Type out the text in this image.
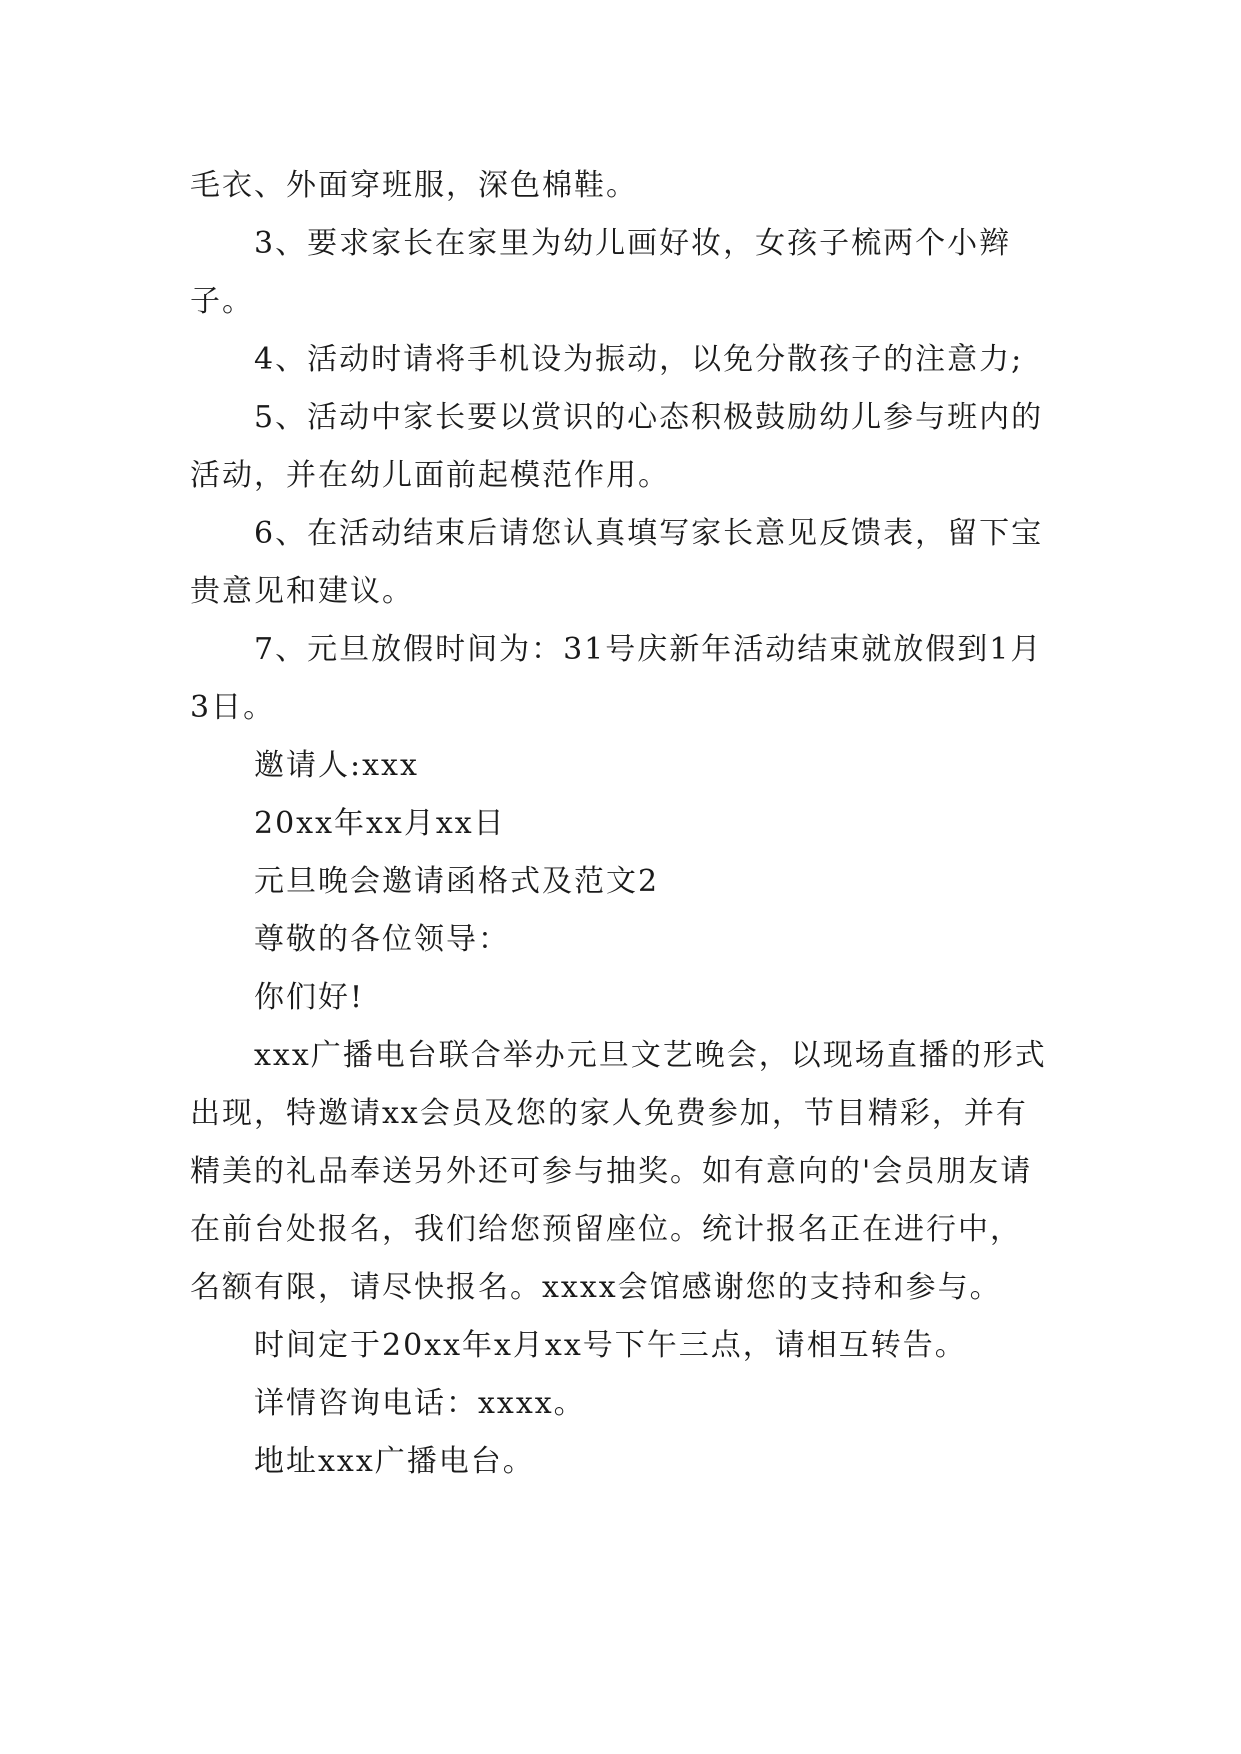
毛衣、外面穿班服，深色棉鞋。

3、要求家长在家里为幼儿画好妆，女孩子梳两个小辫子。

4、活动时请将手机设为振动，以免分散孩子的注意力;

5、活动中家长要以赏识的心态积极鼓励幼儿参与班内的活动，并在幼儿面前起模范作用。

6、在活动结束后请您认真填写家长意见反馈表，留下宝贵意见和建议。

7、元旦放假时间为：31号庆新年活动结束就放假到1月3日。

邀请人:xxx

20xx年xx月xx日

元旦晚会邀请函格式及范文2

尊敬的各位领导：

你们好!

xxx广播电台联合举办元旦文艺晚会，以现场直播的形式出现，特邀请xx会员及您的家人免费参加，节目精彩，并有精美的礼品奉送另外还可参与抽奖。如有意向的'会员朋友请在前台处报名，我们给您预留座位。统计报名正在进行中，名额有限，请尽快报名。xxxx会馆感谢您的支持和参与。

时间定于20xx年x月xx号下午三点，请相互转告。

详情咨询电话：xxxx。

地址xxx广播电台。
